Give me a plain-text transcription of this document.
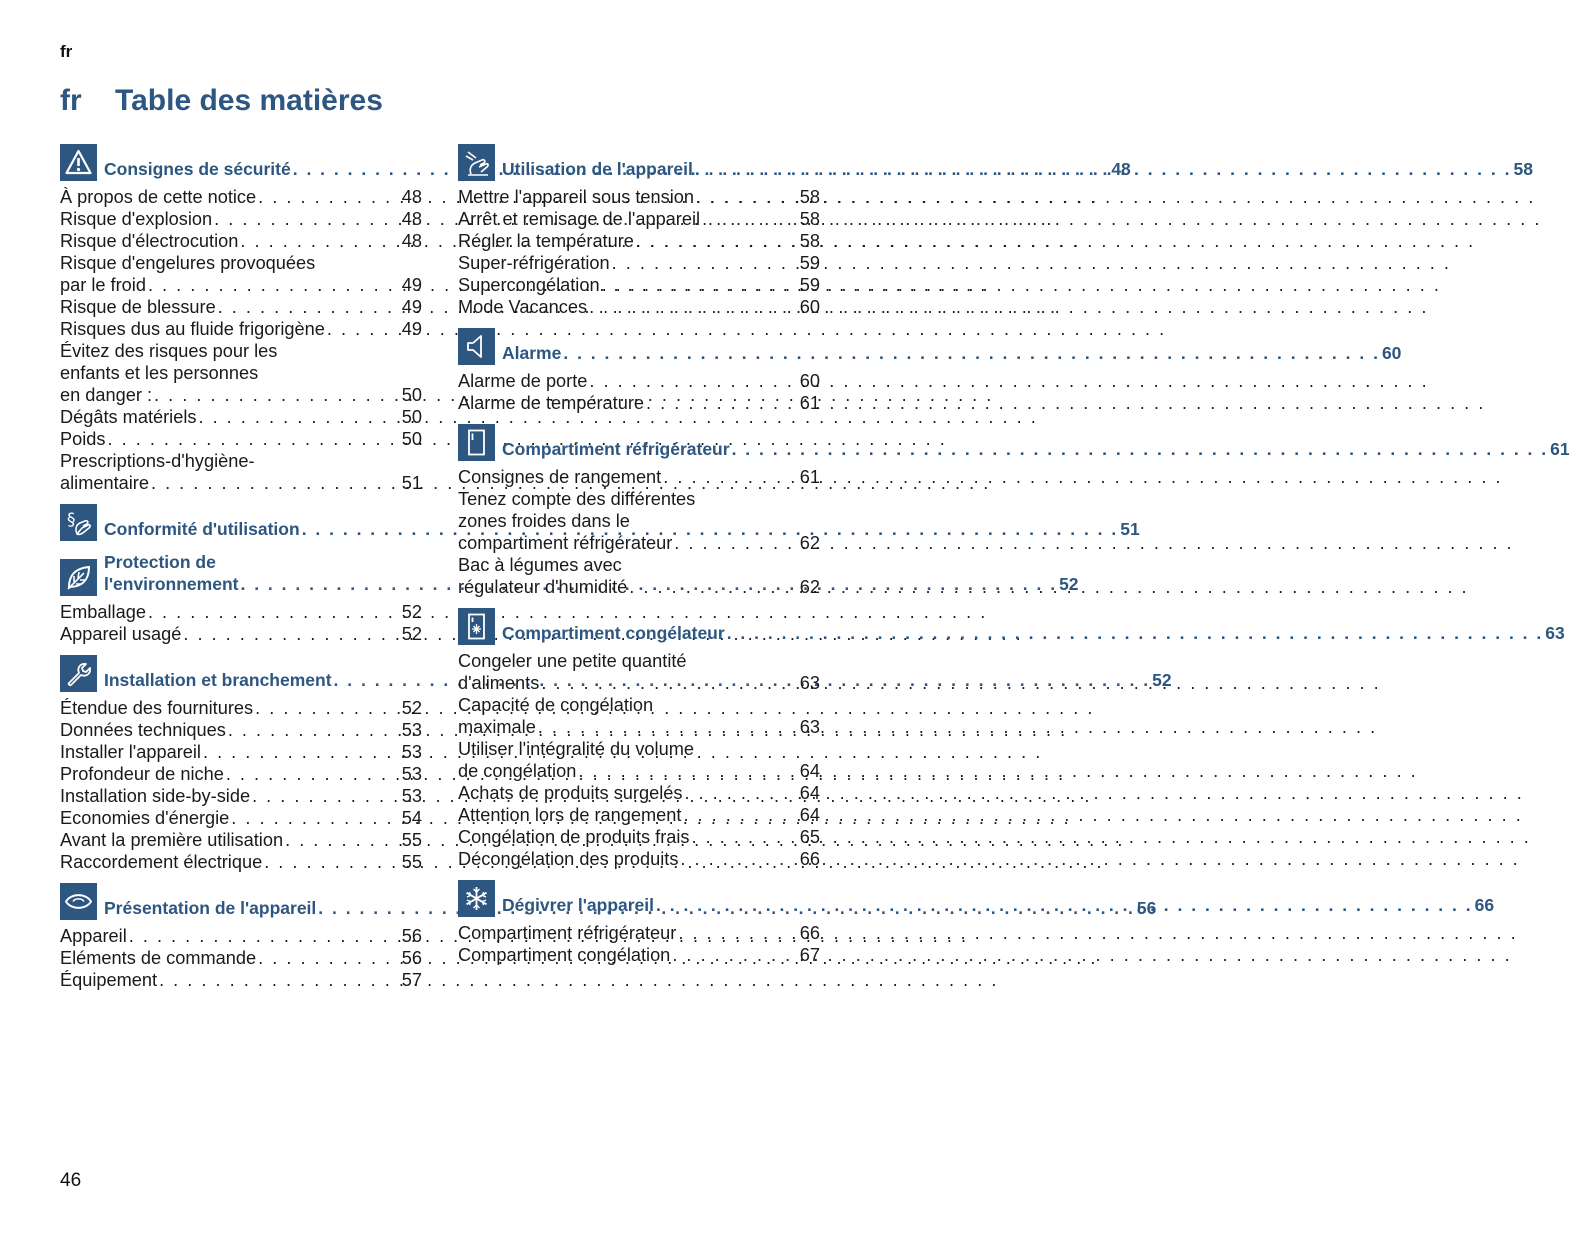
fr
fr Table des matières
Consignes de sécurité . . .	48
À propos de cette notice . . .	48
Risque d'explosion . . .	48
Risque d'électrocution . . .	48
Risque d'engelures provoquées
par le froid . . .	49
Risque de blessure . . .	49
Risques dus au fluide frigorigène . . .	49
Évitez des risques pour les
enfants et les personnes
en danger : . . .	50
Dégâts matériels . . .	50
Poids . . .	50
Prescriptions-d'hygiène-
alimentaire . . .	51
§ Conformité d'utilisation . . .	51
Protection de
l'environnement . . .	52
Emballage . . .	52
Appareil usagé . . .	52
Installation et branchement . . .	52
Étendue des fournitures . . .	52
Données techniques . . .	53
Installer l'appareil . . .	53
Profondeur de niche . . .	53
Installation side-by-side . . .	53
Economies d'énergie . . .	54
Avant la première utilisation . . .	55
Raccordement électrique . . .	55
Présentation de l'appareil . . .	56
Appareil . . .	56
Eléments de commande . . .	56
Équipement . . .	57
Utilisation de l'appareil . . .	58
Mettre l'appareil sous tension . . .	58
Arrêt et remisage de l'appareil . . .	58
Régler la température . . .	58
Super-réfrigération . . .	59
Supercongélation . . .	59
Mode Vacances . . .	60
Alarme . . .	60
Alarme de porte . . .	60
Alarme de température . . .	61
Compartiment réfrigérateur . . .	61
Consignes de rangement . . .	61
Tenez compte des différentes
zones froides dans le
compartiment réfrigérateur . . .	62
Bac à légumes avec
régulateur d'humidité . . .	62
Compartiment congélateur . . .	63
Congeler une petite quantité
d'aliments . . .	63
Capacité de congélation
maximale . . .	63
Utiliser l'intégralité du volume
de congélation . . .	64
Achats de produits surgelés . . .	64
Attention lors de rangement . . .	64
Congélation de produits frais . . .	65
Décongélation des produits . . .	66
Dégivrer l'appareil . . .	66
Compartiment réfrigérateur . . .	66
Compartiment congélation . . .	67
46
